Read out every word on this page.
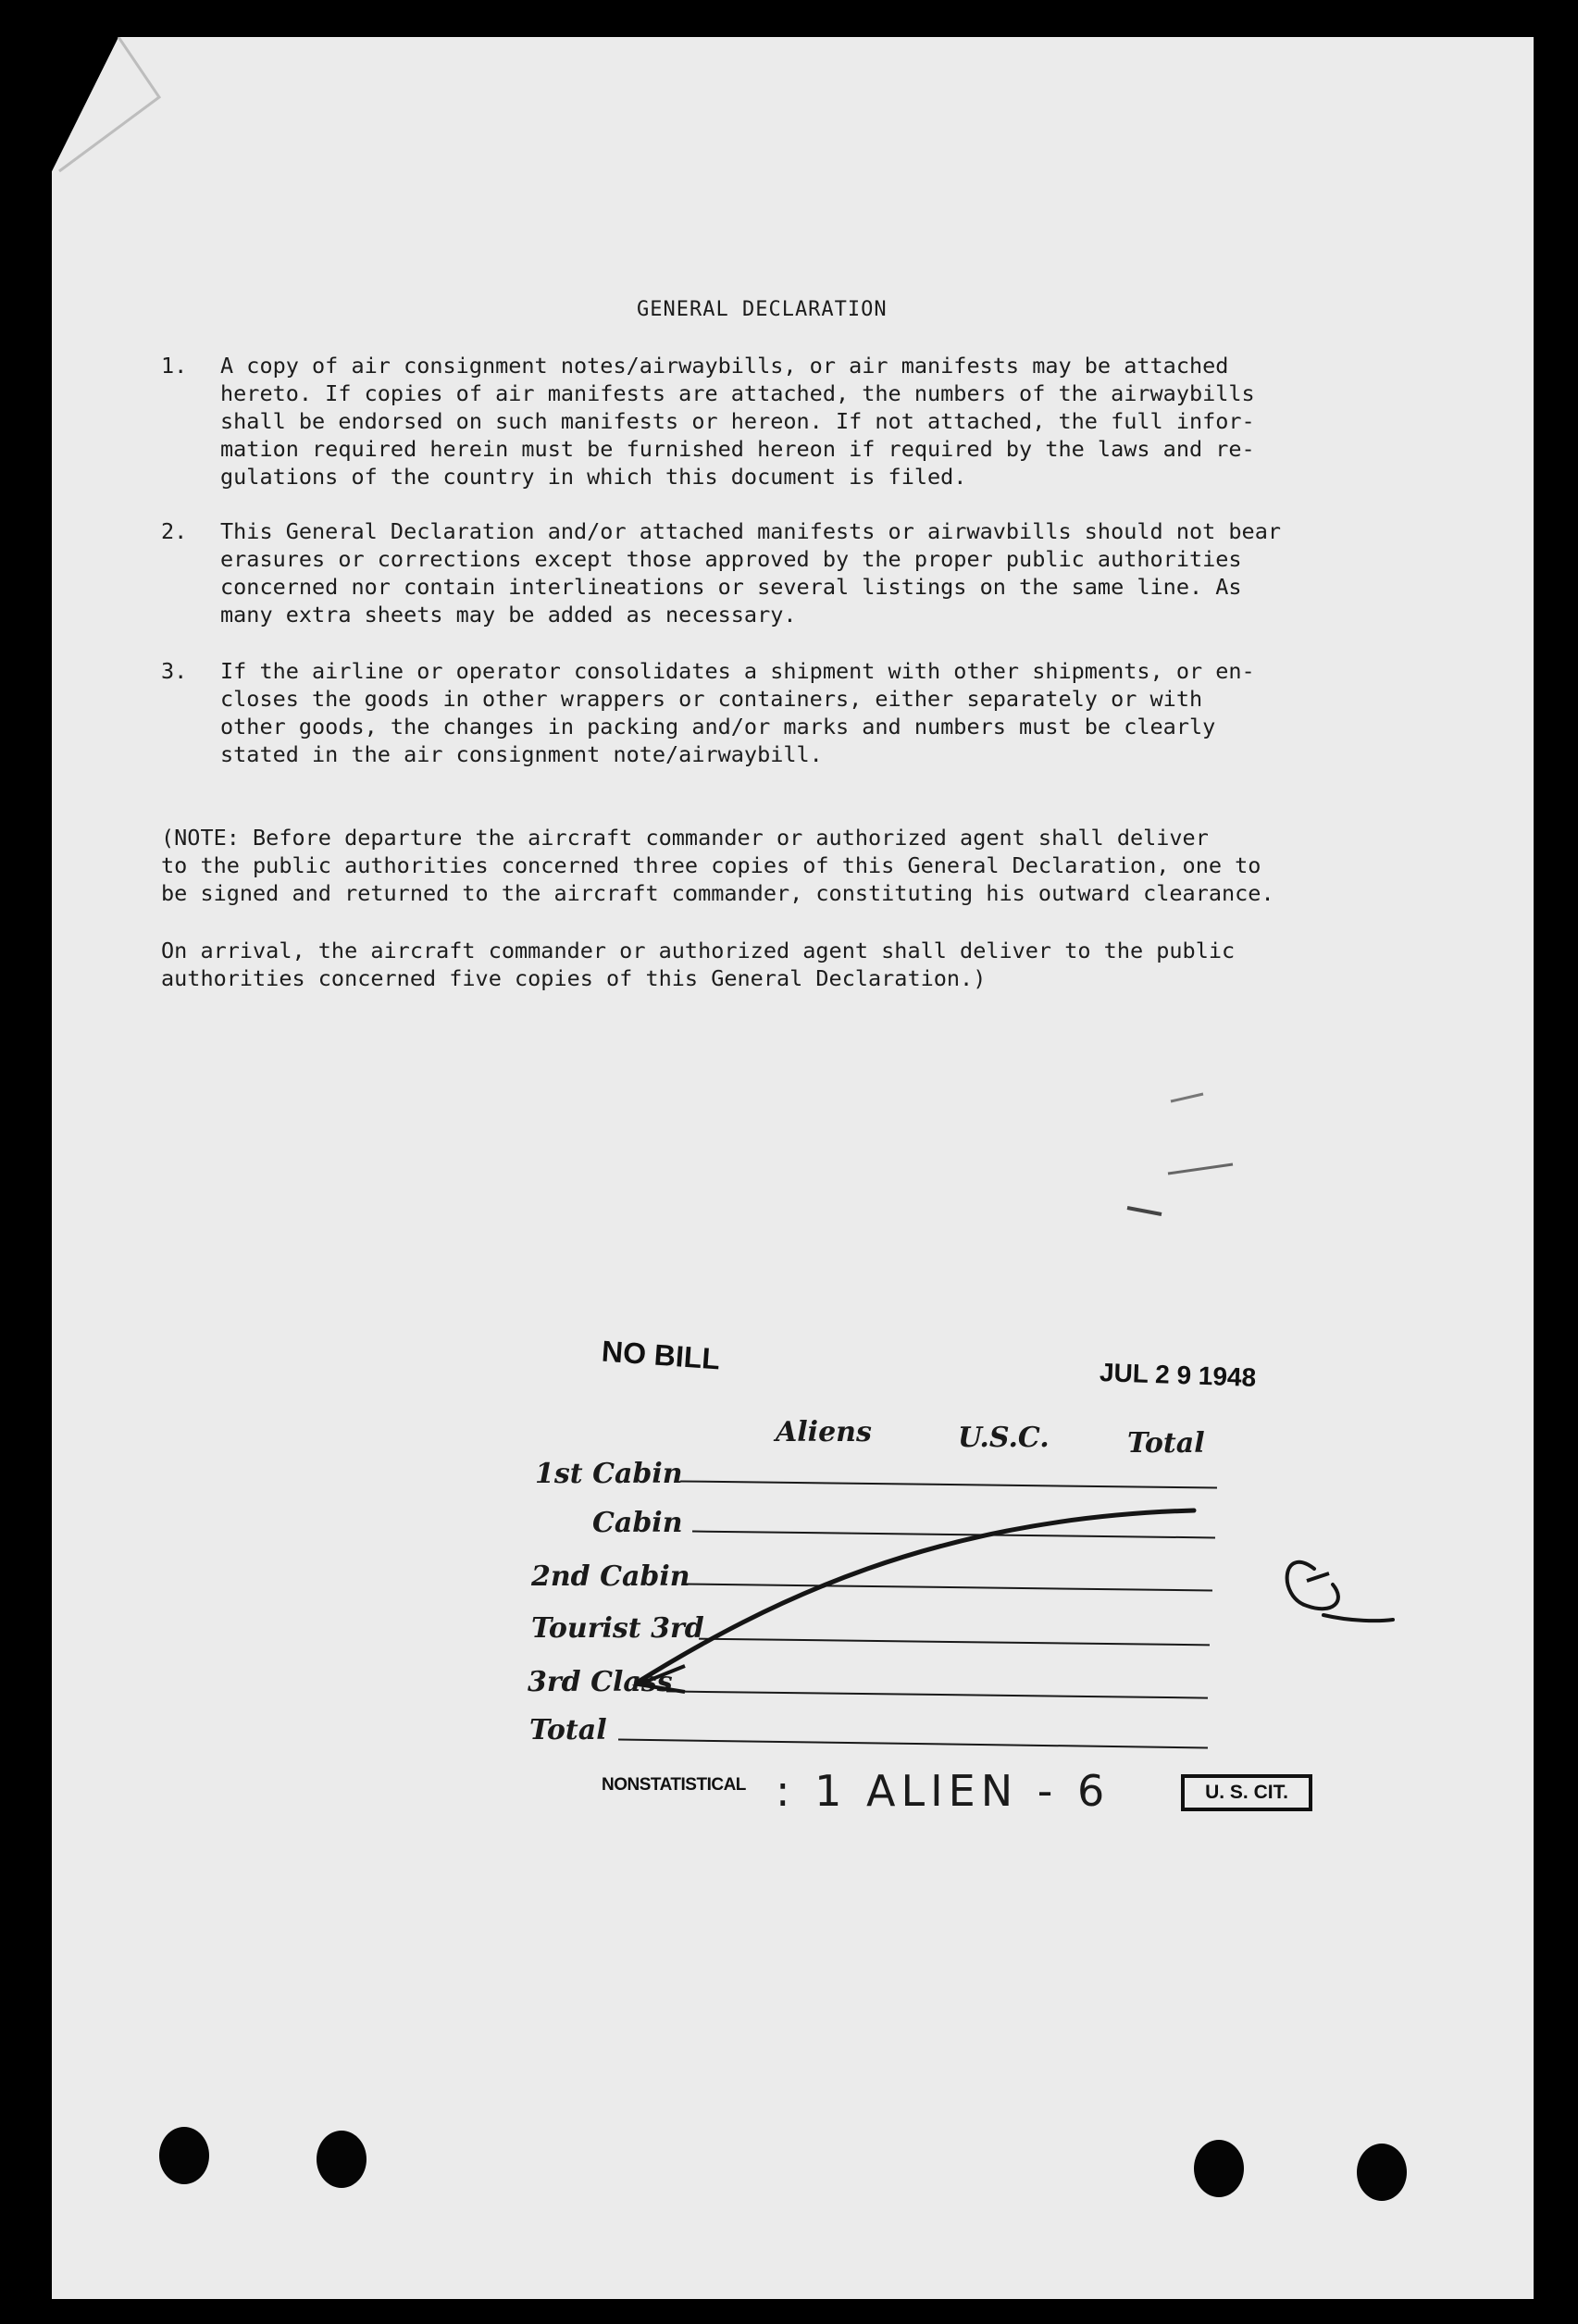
GENERAL DECLARATION
1. A copy of air consignment notes/airwaybills, or air manifests may be attached
hereto. If copies of air manifests are attached, the numbers of the airwaybills
shall be endorsed on such manifests or hereon. If not attached, the full infor-
mation required herein must be furnished hereon if required by the laws and re-
gulations of the country in which this document is filed.
2. This General Declaration and/or attached manifests or airwavbills should not bear
erasures or corrections except those approved by the proper public authorities
concerned nor contain interlineations or several listings on the same line. As
many extra sheets may be added as necessary.
3. If the airline or operator consolidates a shipment with other shipments, or en-
closes the goods in other wrappers or containers, either separately or with
other goods, the changes in packing and/or marks and numbers must be clearly
stated in the air consignment note/airwaybill.
(NOTE: Before departure the aircraft commander or authorized agent shall deliver
to the public authorities concerned three copies of this General Declaration, one to
be signed and returned to the aircraft commander, constituting his outward clearance.
On arrival, the aircraft commander or authorized agent shall deliver to the public
authorities concerned five copies of this General Declaration.)
NO BILL	JUL 2 9 1948
Aliens	U.S.C.	Total
1st Cabin
Cabin
2nd Cabin
Tourist 3rd
3rd Class
Total
NONSTATISTICAL : 1 ALIEN - 6	U. S. CIT.
